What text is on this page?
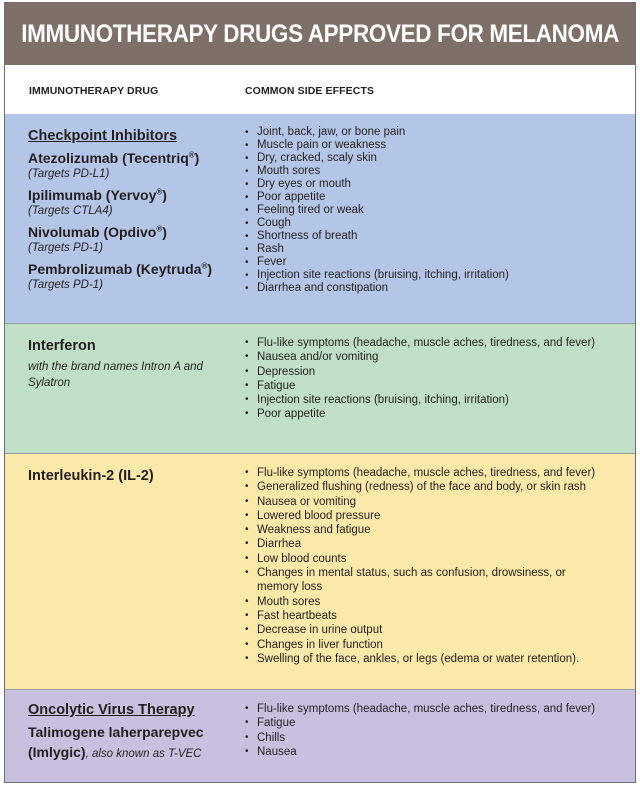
IMMUNOTHERAPY DRUGS APPROVED FOR MELANOMA
IMMUNOTHERAPY DRUG	COMMON SIDE EFFECTS
Checkpoint Inhibitors
Atezolizumab (Tecentriq®)
(Targets PD-L1)
Ipilimumab (Yervoy®)
(Targets CTLA4)
Nivolumab (Opdivo®)
(Targets PD-1)
Pembrolizumab (Keytruda®)
(Targets PD-1)
• Joint, back, jaw, or bone pain
• Muscle pain or weakness
• Dry, cracked, scaly skin
• Mouth sores
• Dry eyes or mouth
• Poor appetite
• Feeling tired or weak
• Cough
• Shortness of breath
• Rash
• Fever
• Injection site reactions (bruising, itching, irritation)
• Diarrhea and constipation
Interferon
with the brand names Intron A and Sylatron
• Flu-like symptoms (headache, muscle aches, tiredness, and fever)
• Nausea and/or vomiting
• Depression
• Fatigue
• Injection site reactions (bruising, itching, irritation)
• Poor appetite
Interleukin-2 (IL-2)
•	Flu-like symptoms (headache, muscle aches, tiredness, and fever)
• Generalized flushing (redness) of the face and body, or skin rash
• Nausea or vomiting
• Lowered blood pressure
• Weakness and fatigue
• Diarrhea
• Low blood counts
• Changes in mental status, such as confusion, drowsiness, or memory loss
• Mouth sores
• Fast heartbeats
• Decrease in urine output
• Changes in liver function
• Swelling of the face, ankles, or legs (edema or water retention).
Oncolytic Virus Therapy
Talimogene laherparepvec
(Imlygic), also known as T-VEC
• Flu-like symptoms (headache, muscle aches, tiredness, and fever)
• Fatigue
• Chills
• Nausea
